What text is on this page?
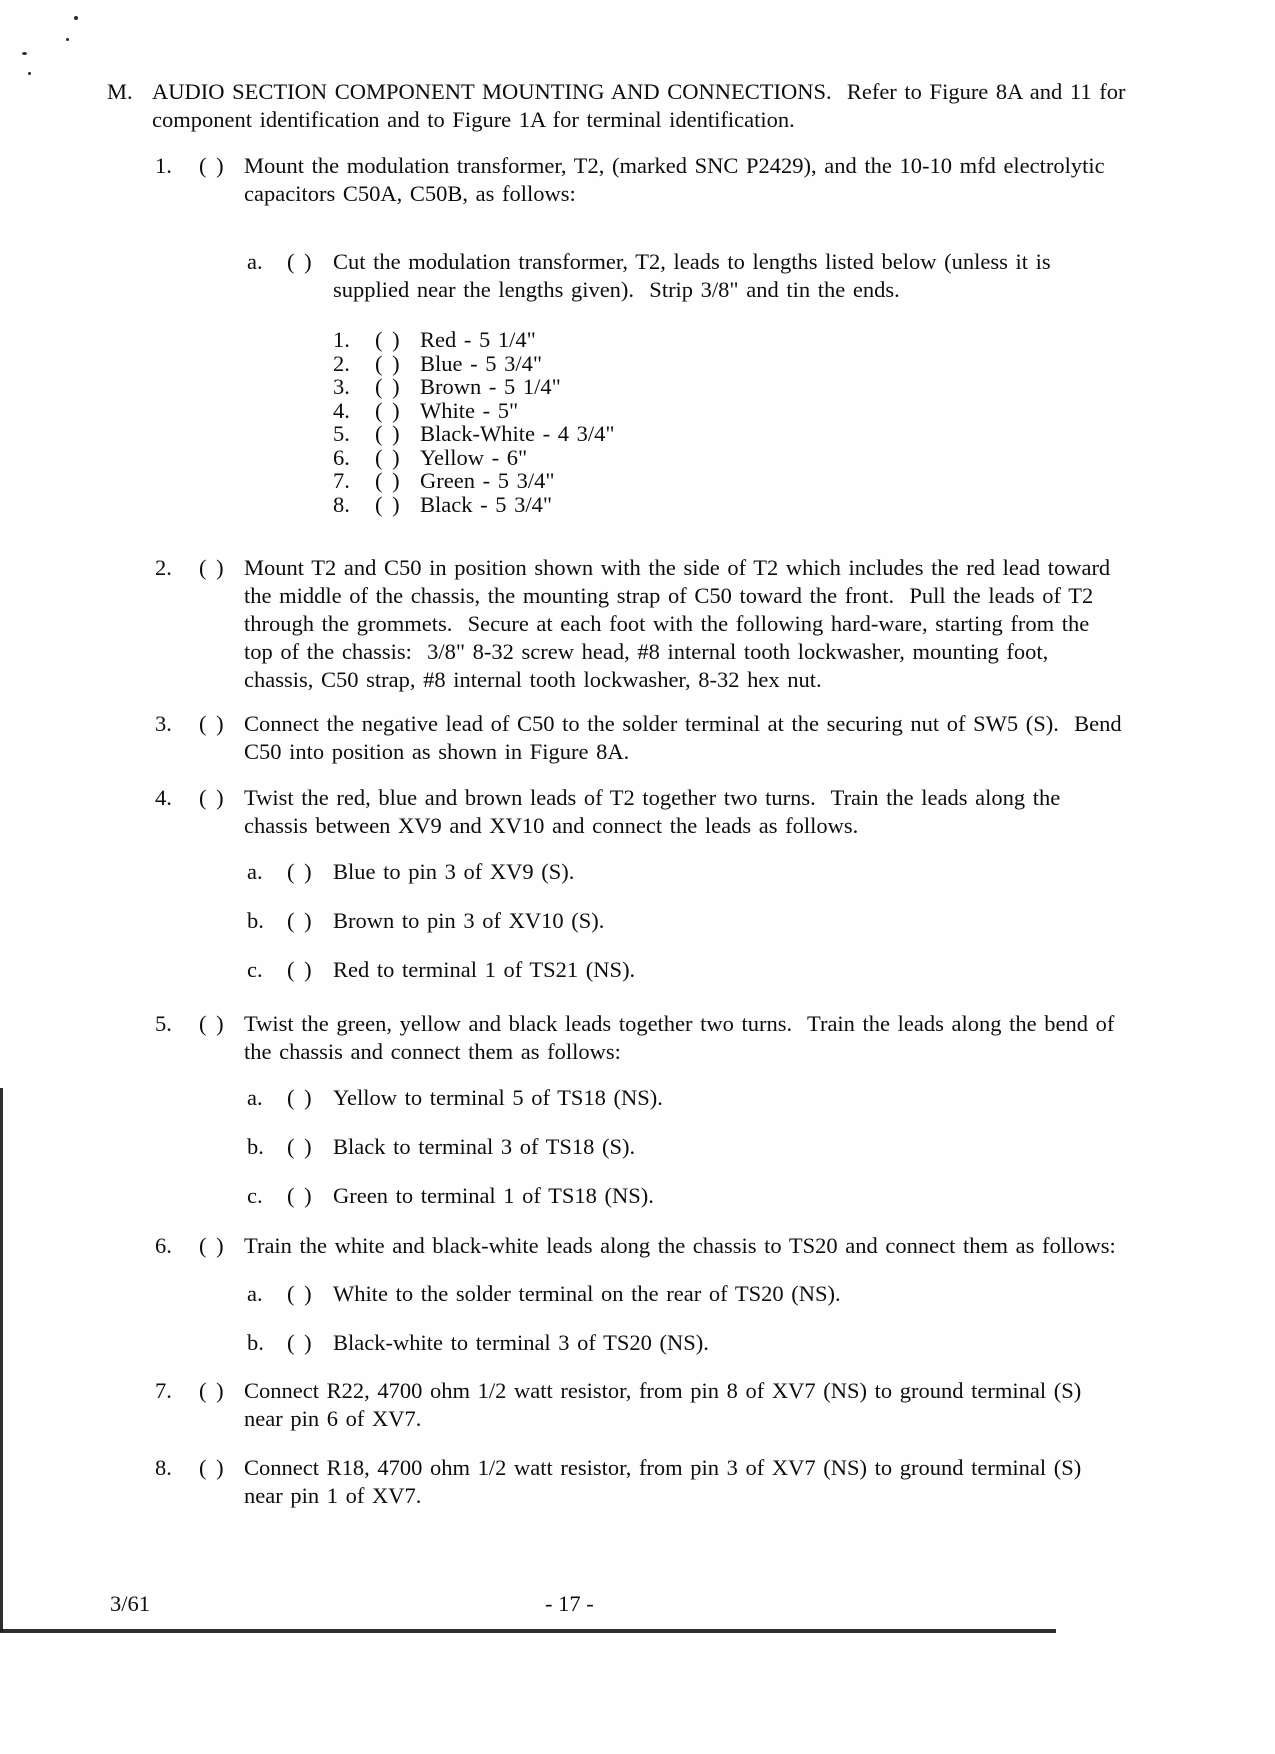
M. AUDIO SECTION COMPONENT MOUNTING AND CONNECTIONS.  Refer to Figure 8A and 11 for component identification and to Figure 1A for terminal identification.
1.	( ) Mount the modulation transformer, T2, (marked SNC P2429), and the 10-10 mfd electrolytic capacitors C50A, C50B, as follows:
a.	( ) Cut the modulation transformer, T2, leads to lengths listed below (unless it is supplied near the lengths given).  Strip 3/8" and tin the ends.
1.	( ) Red - 5 1/4"
2.	( ) Blue - 5 3/4"
3.	( ) Brown - 5 1/4"
4.	( ) White - 5"
5.	( ) Black-White - 4 3/4"
6.	( ) Yellow - 6"
7.	( ) Green - 5 3/4"
8.	( ) Black - 5 3/4"
2.	( ) Mount T2 and C50 in position shown with the side of T2 which includes the red lead toward the middle of the chassis, the mounting strap of C50 toward the front.  Pull the leads of T2 through the grommets.  Secure at each foot with the following hard-ware, starting from the top of the chassis:  3/8" 8-32 screw head, #8 internal tooth lockwasher, mounting foot, chassis, C50 strap, #8 internal tooth lockwasher, 8-32 hex nut.
3.	( ) Connect the negative lead of C50 to the solder terminal at the securing nut of SW5 (S).  Bend C50 into position as shown in Figure 8A.
4.	( ) Twist the red, blue and brown leads of T2 together two turns.  Train the leads along the chassis between XV9 and XV10 and connect the leads as follows.
a.	( ) Blue to pin 3 of XV9 (S).
b.	( ) Brown to pin 3 of XV10 (S).
c.	( ) Red to terminal 1 of TS21 (NS).
5.	( ) Twist the green, yellow and black leads together two turns.  Train the leads along the bend of the chassis and connect them as follows:
a.	( ) Yellow to terminal 5 of TS18 (NS).
b.	( ) Black to terminal 3 of TS18 (S).
c.	( ) Green to terminal 1 of TS18 (NS).
6.	( ) Train the white and black-white leads along the chassis to TS20 and connect them as follows:
a.	( ) White to the solder terminal on the rear of TS20 (NS).
b.	( ) Black-white to terminal 3 of TS20 (NS).
7.	( ) Connect R22, 4700 ohm 1/2 watt resistor, from pin 8 of XV7 (NS) to ground terminal (S) near pin 6 of XV7.
8.	( ) Connect R18, 4700 ohm 1/2 watt resistor, from pin 3 of XV7 (NS) to ground terminal (S) near pin 1 of XV7.
3/61	- 17 -
